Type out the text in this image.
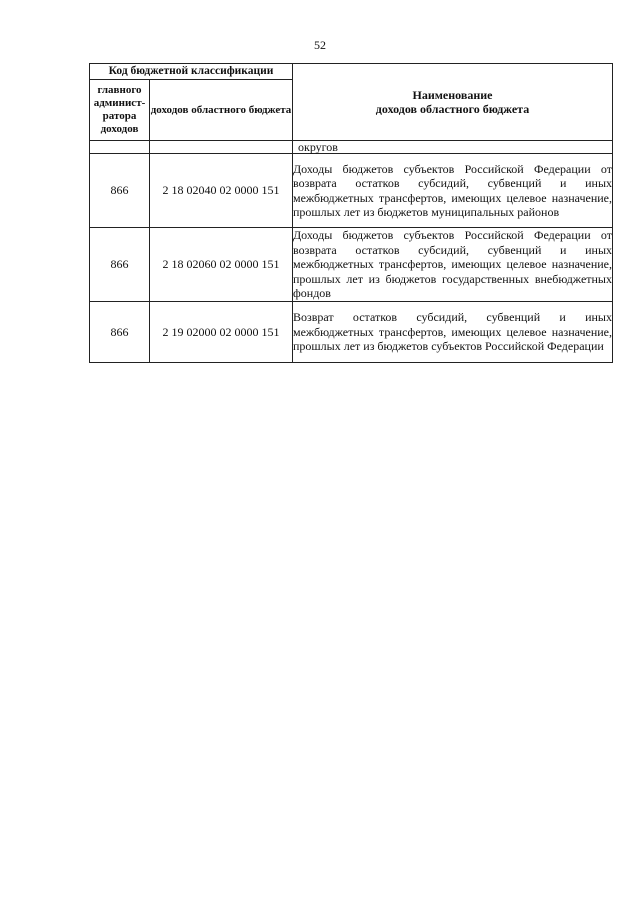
52
Код бюджетной классификации		Наименование
доходов областного бюджета

главного админист-ратора доходов	доходов областного бюджета	
		округов
866	2 18 02040 02 0000 151	Доходы бюджетов субъектов Российской Федерации от возврата остатков субсидий, субвенций и иных межбюджетных трансфертов, имеющих целевое назначение, прошлых лет из бюджетов муниципальных районов
866	2 18 02060 02 0000 151	Доходы бюджетов субъектов Российской Федерации от возврата остатков субсидий, субвенций и иных межбюджетных трансфертов, имеющих целевое назначение, прошлых лет из бюджетов государственных внебюджетных фондов
866	2 19 02000 02 0000 151	Возврат остатков субсидий, субвенций и иных межбюджетных трансфертов, имеющих целевое назначение, прошлых лет из бюджетов субъектов Российской Федерации
